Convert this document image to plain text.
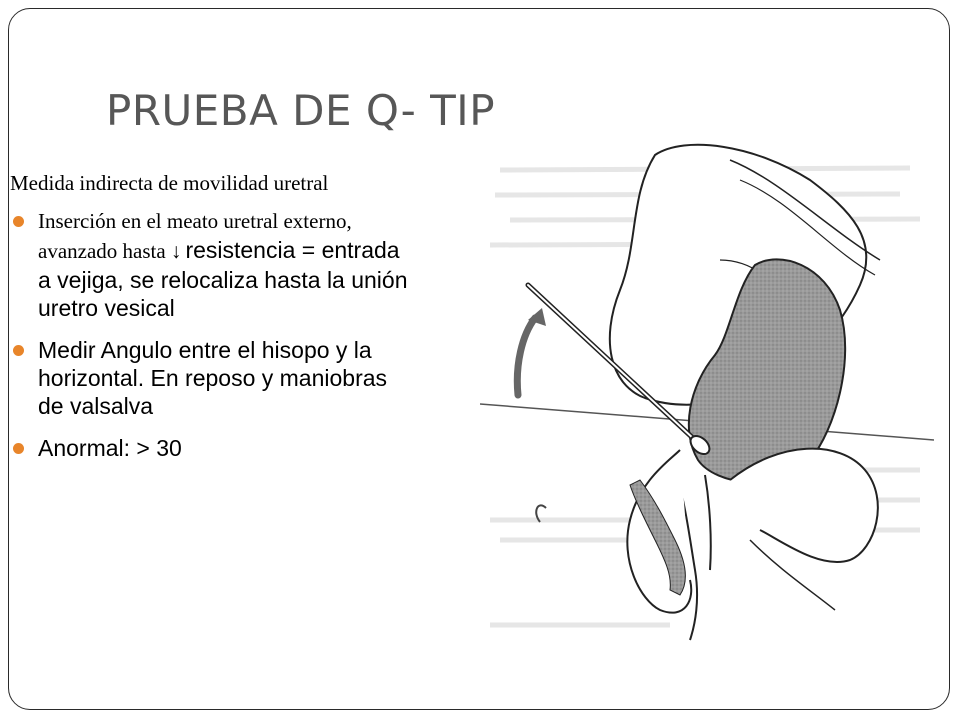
PRUEBA DE Q- TIP
Medida indirecta de movilidad uretral
Inserción en el meato uretral externo, avanzado hasta ↓ resistencia = entrada a vejiga, se relocaliza hasta la unión uretro vesical
Medir Angulo entre el hisopo y la horizontal. En reposo y maniobras de valsalva
Anormal: > 30
